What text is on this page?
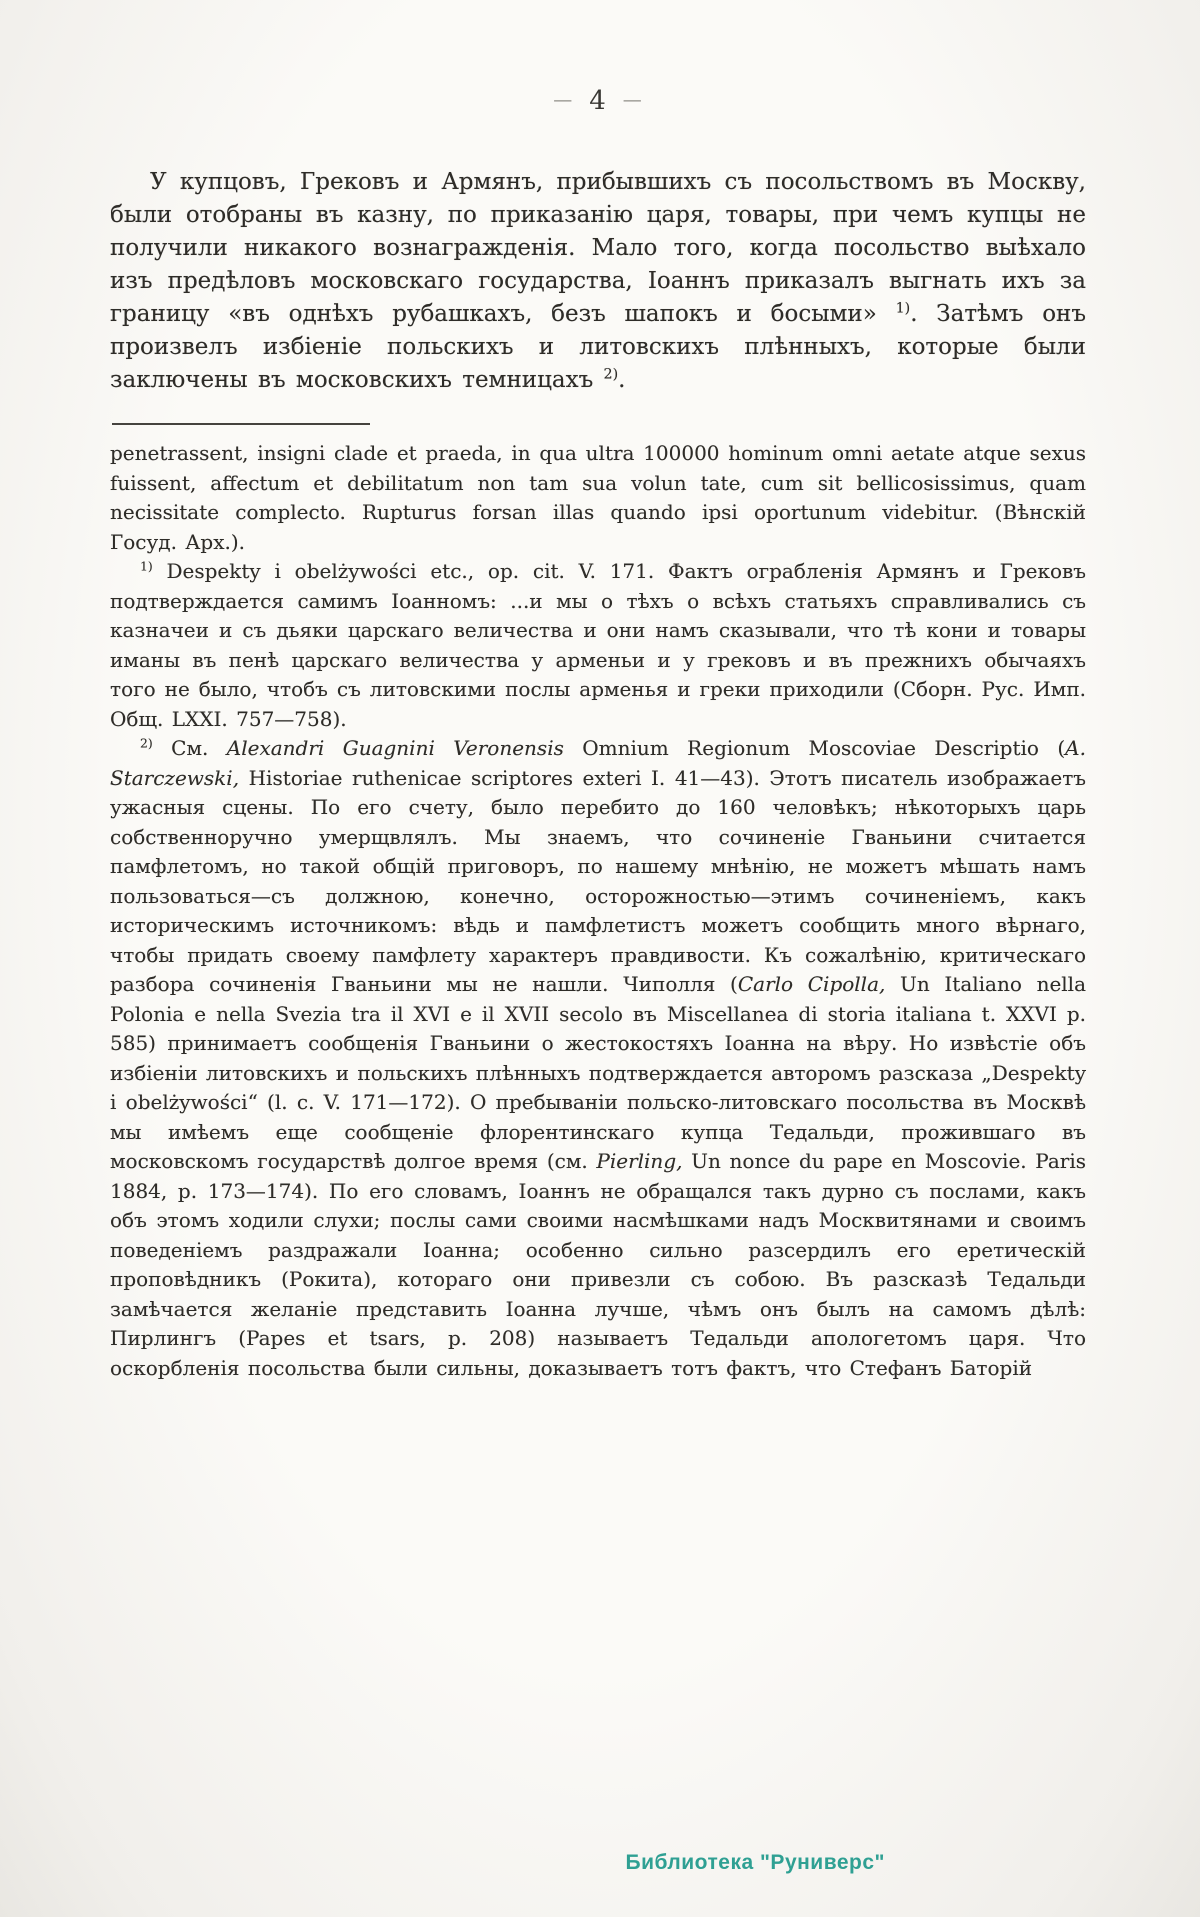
— 4 —

У купцовъ, Грековъ и Армянъ, прибывшихъ съ посольствомъ въ Москву, были отобраны въ казну, по приказанію царя, товары, при чемъ купцы не получили никакого вознагражденія. Мало того, когда посольство выѣхало изъ предѣловъ московскаго государства, Іоаннъ приказалъ выгнать ихъ за границу «въ однѣхъ рубашкахъ, безъ шапокъ и босыми» $^{1)}$. Затѣмъ онъ произвелъ избіеніе польскихъ и литовскихъ плѣнныхъ, которые были заключены въ московскихъ темницахъ $^{2)}$.

penetrassent, insigni clade et praeda, in qua ultra 100000 hominum omni aetate atque sexus fuissent, affectum et debilitatum non tam sua volun tate, cum sit bellicosissimus, quam necissitate complecto. Rupturus forsan illas quando ipsi oportunum videbitur. (Вѣнскій Госуд. Арх.).

$^{1)}$ Despekty i obelżywości etc., op. cit. V. 171. Фактъ ограбленія Армянъ и Грековъ подтверждается самимъ Іоанномъ: ...и мы о тѣхъ о всѣхъ статьяхъ справливались съ казначеи и съ дьяки царскаго величества и они намъ сказывали, что тѣ кони и товары иманы въ пенѣ царскаго величества у арменьи и у грековъ и въ прежнихъ обычаяхъ того не было, чтобъ съ литовскими послы арменья и греки приходили (Сборн. Рус. Имп. Общ. LXXI. 757—758).

$^{2)}$ См. Alexandri Guagnini Veronensis Omnium Regionum Moscoviae Descriptio (A. Starczewski, Historiae ruthenicae scriptores exteri I. 41—43). Этотъ писатель изображаетъ ужасныя сцены. По его счету, было перебито до 160 человѣкъ; нѣкоторыхъ царь собственноручно умерщвлялъ. Мы знаемъ, что сочиненіе Гваньини считается памфлетомъ, но такой общій приговоръ, по нашему мнѣнію, не можетъ мѣшать намъ пользоваться—съ должною, конечно, осторожностью—этимъ сочиненіемъ, какъ историческимъ источникомъ: вѣдь и памфлетистъ можетъ сообщить много вѣрнаго, чтобы придать своему памфлету характеръ правдивости. Къ сожалѣнію, критическаго разбора сочиненія Гваньини мы не нашли. Чиполля (Carlo Cipolla, Un Italiano nella Polonia e nella Svezia tra il XVI e il XVII secolo въ Miscellanea di storia italiana t. XXVI p. 585) принимаетъ сообщенія Гваньини о жестокостяхъ Іоанна на вѣру. Но извѣстіе объ избіеніи литовскихъ и польскихъ плѣнныхъ подтверждается авторомъ разсказа „Despekty i obelżywości“ (l. c. V. 171—172). О пребываніи польско-литовскаго посольства въ Москвѣ мы имѣемъ еще сообщеніе флорентинскаго купца Тедальди, прожившаго въ московскомъ государствѣ долгое время (см. Pierling, Un nonce du pape en Moscovie. Paris 1884, p. 173—174). По его словамъ, Іоаннъ не обращался такъ дурно съ послами, какъ объ этомъ ходили слухи; послы сами своими насмѣшками надъ Москвитянами и своимъ поведеніемъ раздражали Іоанна; особенно сильно разсердилъ его еретическій проповѣдникъ (Рокита), котораго они привезли съ собою. Въ разсказѣ Тедальди замѣчается желаніе представить Іоанна лучше, чѣмъ онъ былъ на самомъ дѣлѣ: Пирлингъ (Papes et tsars, p. 208) называетъ Тедальди апологетомъ царя. Что оскорбленія посольства были сильны, доказываетъ тотъ фактъ, что Стефанъ Баторій

Библиотека "Руниверс"
